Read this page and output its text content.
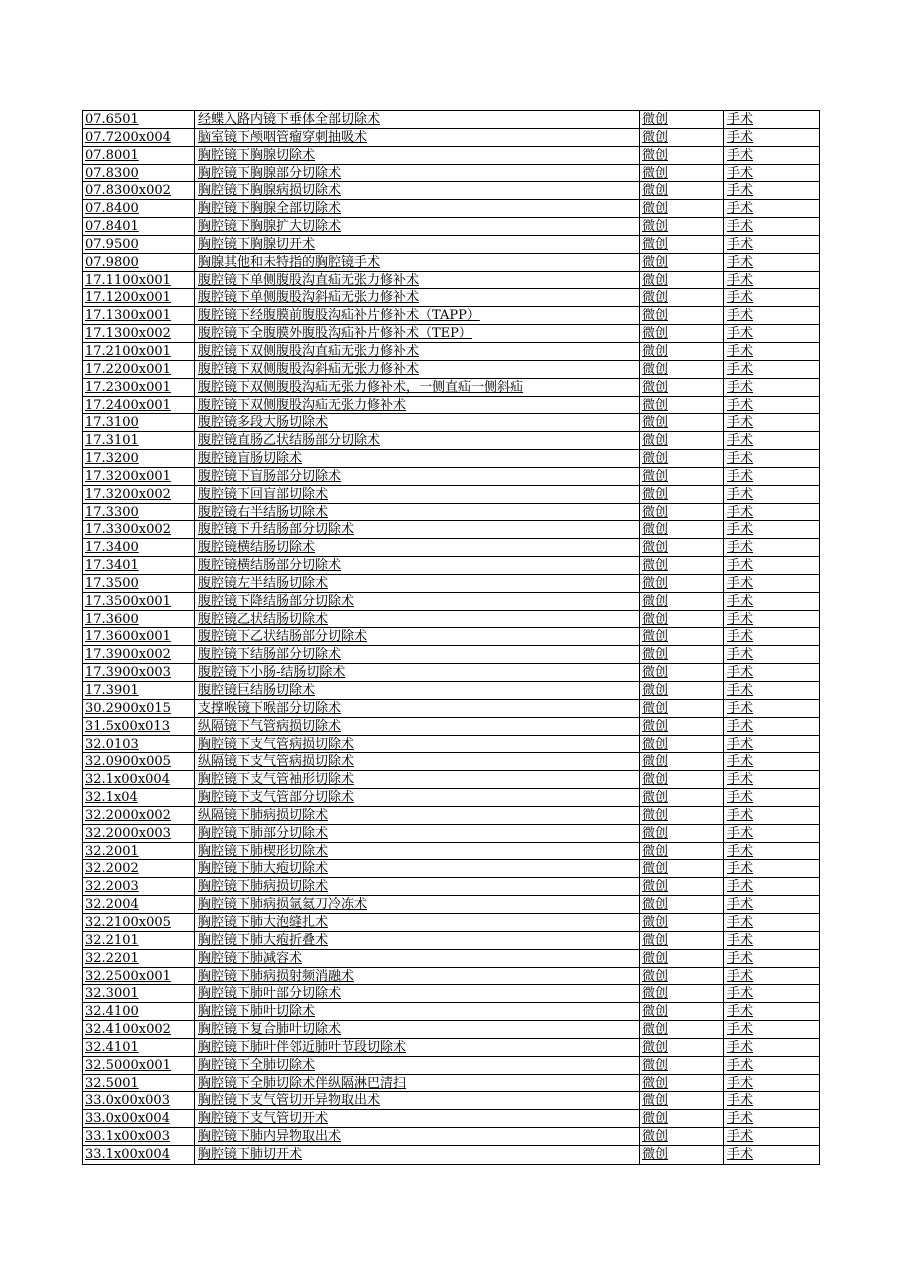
07.6501	经蝶入路内镜下垂体全部切除术	微创	手术
07.7200x004	脑室镜下颅咽管瘤穿刺抽吸术	微创	手术
07.8001	胸腔镜下胸腺切除术	微创	手术
07.8300	胸腔镜下胸腺部分切除术	微创	手术
07.8300x002	胸腔镜下胸腺病损切除术	微创	手术
07.8400	胸腔镜下胸腺全部切除术	微创	手术
07.8401	胸腔镜下胸腺扩大切除术	微创	手术
07.9500	胸腔镜下胸腺切开术	微创	手术
07.9800	胸腺其他和未特指的胸腔镜手术	微创	手术
17.1100x001	腹腔镜下单侧腹股沟直疝无张力修补术	微创	手术
17.1200x001	腹腔镜下单侧腹股沟斜疝无张力修补术	微创	手术
17.1300x001	腹腔镜下经腹膜前腹股沟疝补片修补术（TAPP）	微创	手术
17.1300x002	腹腔镜下全腹膜外腹股沟疝补片修补术（TEP）	微创	手术
17.2100x001	腹腔镜下双侧腹股沟直疝无张力修补术	微创	手术
17.2200x001	腹腔镜下双侧腹股沟斜疝无张力修补术	微创	手术
17.2300x001	腹腔镜下双侧腹股沟疝无张力修补术，一侧直疝一侧斜疝	微创	手术
17.2400x001	腹腔镜下双侧腹股沟疝无张力修补术	微创	手术
17.3100	腹腔镜多段大肠切除术	微创	手术
17.3101	腹腔镜直肠乙状结肠部分切除术	微创	手术
17.3200	腹腔镜盲肠切除术	微创	手术
17.3200x001	腹腔镜下盲肠部分切除术	微创	手术
17.3200x002	腹腔镜下回盲部切除术	微创	手术
17.3300	腹腔镜右半结肠切除术	微创	手术
17.3300x002	腹腔镜下升结肠部分切除术	微创	手术
17.3400	腹腔镜横结肠切除术	微创	手术
17.3401	腹腔镜横结肠部分切除术	微创	手术
17.3500	腹腔镜左半结肠切除术	微创	手术
17.3500x001	腹腔镜下降结肠部分切除术	微创	手术
17.3600	腹腔镜乙状结肠切除术	微创	手术
17.3600x001	腹腔镜下乙状结肠部分切除术	微创	手术
17.3900x002	腹腔镜下结肠部分切除术	微创	手术
17.3900x003	腹腔镜下小肠-结肠切除术	微创	手术
17.3901	腹腔镜巨结肠切除术	微创	手术
30.2900x015	支撑喉镜下喉部分切除术	微创	手术
31.5x00x013	纵隔镜下气管病损切除术	微创	手术
32.0103	胸腔镜下支气管病损切除术	微创	手术
32.0900x005	纵隔镜下支气管病损切除术	微创	手术
32.1x00x004	胸腔镜下支气管袖形切除术	微创	手术
32.1x04	胸腔镜下支气管部分切除术	微创	手术
32.2000x002	纵隔镜下肺病损切除术	微创	手术
32.2000x003	胸腔镜下肺部分切除术	微创	手术
32.2001	胸腔镜下肺楔形切除术	微创	手术
32.2002	胸腔镜下肺大疱切除术	微创	手术
32.2003	胸腔镜下肺病损切除术	微创	手术
32.2004	胸腔镜下肺病损氩氦刀冷冻术	微创	手术
32.2100x005	胸腔镜下肺大泡缝扎术	微创	手术
32.2101	胸腔镜下肺大疱折叠术	微创	手术
32.2201	胸腔镜下肺减容术	微创	手术
32.2500x001	胸腔镜下肺病损射频消融术	微创	手术
32.3001	胸腔镜下肺叶部分切除术	微创	手术
32.4100	胸腔镜下肺叶切除术	微创	手术
32.4100x002	胸腔镜下复合肺叶切除术	微创	手术
32.4101	胸腔镜下肺叶伴邻近肺叶节段切除术	微创	手术
32.5000x001	胸腔镜下全肺切除术	微创	手术
32.5001	胸腔镜下全肺切除术伴纵隔淋巴清扫	微创	手术
33.0x00x003	胸腔镜下支气管切开异物取出术	微创	手术
33.0x00x004	胸腔镜下支气管切开术	微创	手术
33.1x00x003	胸腔镜下肺内异物取出术	微创	手术
33.1x00x004	胸腔镜下肺切开术	微创	手术
